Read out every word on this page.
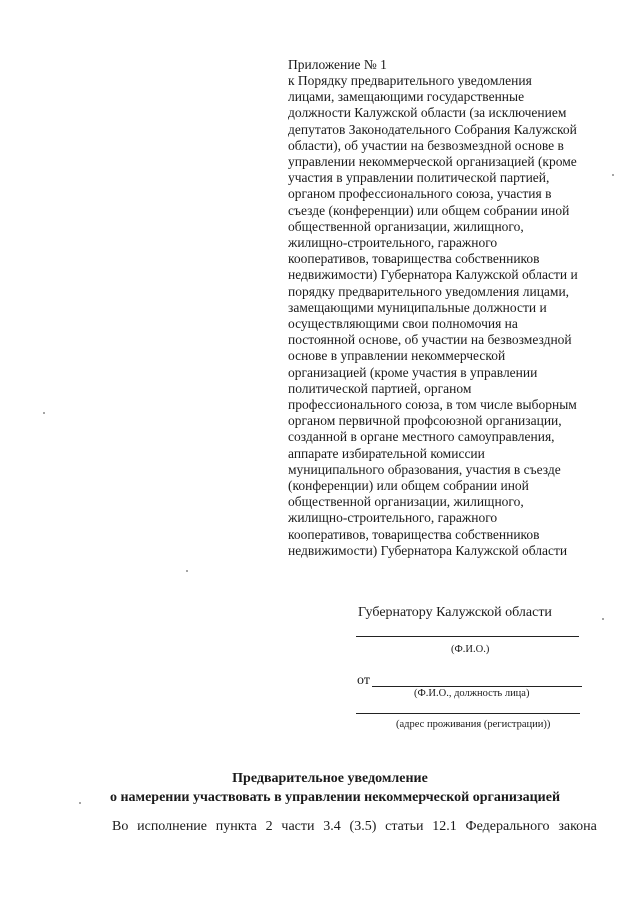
Приложение № 1
к Порядку предварительного уведомления
лицами, замещающими государственные
должности Калужской области (за исключением
депутатов Законодательного Собрания Калужской
области), об участии на безвозмездной основе в
управлении некоммерческой организацией (кроме
участия в управлении политической партией,
органом профессионального союза, участия в
съезде (конференции) или общем собрании иной
общественной организации, жилищного,
жилищно-строительного, гаражного
кооперативов, товарищества собственников
недвижимости) Губернатора Калужской области и
порядку предварительного уведомления лицами,
замещающими муниципальные должности и
осуществляющими свои полномочия на
постоянной основе, об участии на безвозмездной
основе в управлении некоммерческой
организацией (кроме участия в управлении
политической партией, органом
профессионального союза, в том числе выборным
органом первичной профсоюзной организации,
созданной в органе местного самоуправления,
аппарате избирательной комиссии
муниципального образования, участия в съезде
(конференции) или общем собрании иной
общественной организации, жилищного,
жилищно-строительного, гаражного
кооперативов, товарищества собственников
недвижимости) Губернатора Калужской области
Губернатору Калужской области
(Ф.И.О.)
от
(Ф.И.О., должность лица)
(адрес проживания (регистрации))
Предварительное уведомление
о намерении участвовать в управлении некоммерческой организацией
Во исполнение пункта 2 части 3.4 (3.5) статьи 12.1 Федерального закона
